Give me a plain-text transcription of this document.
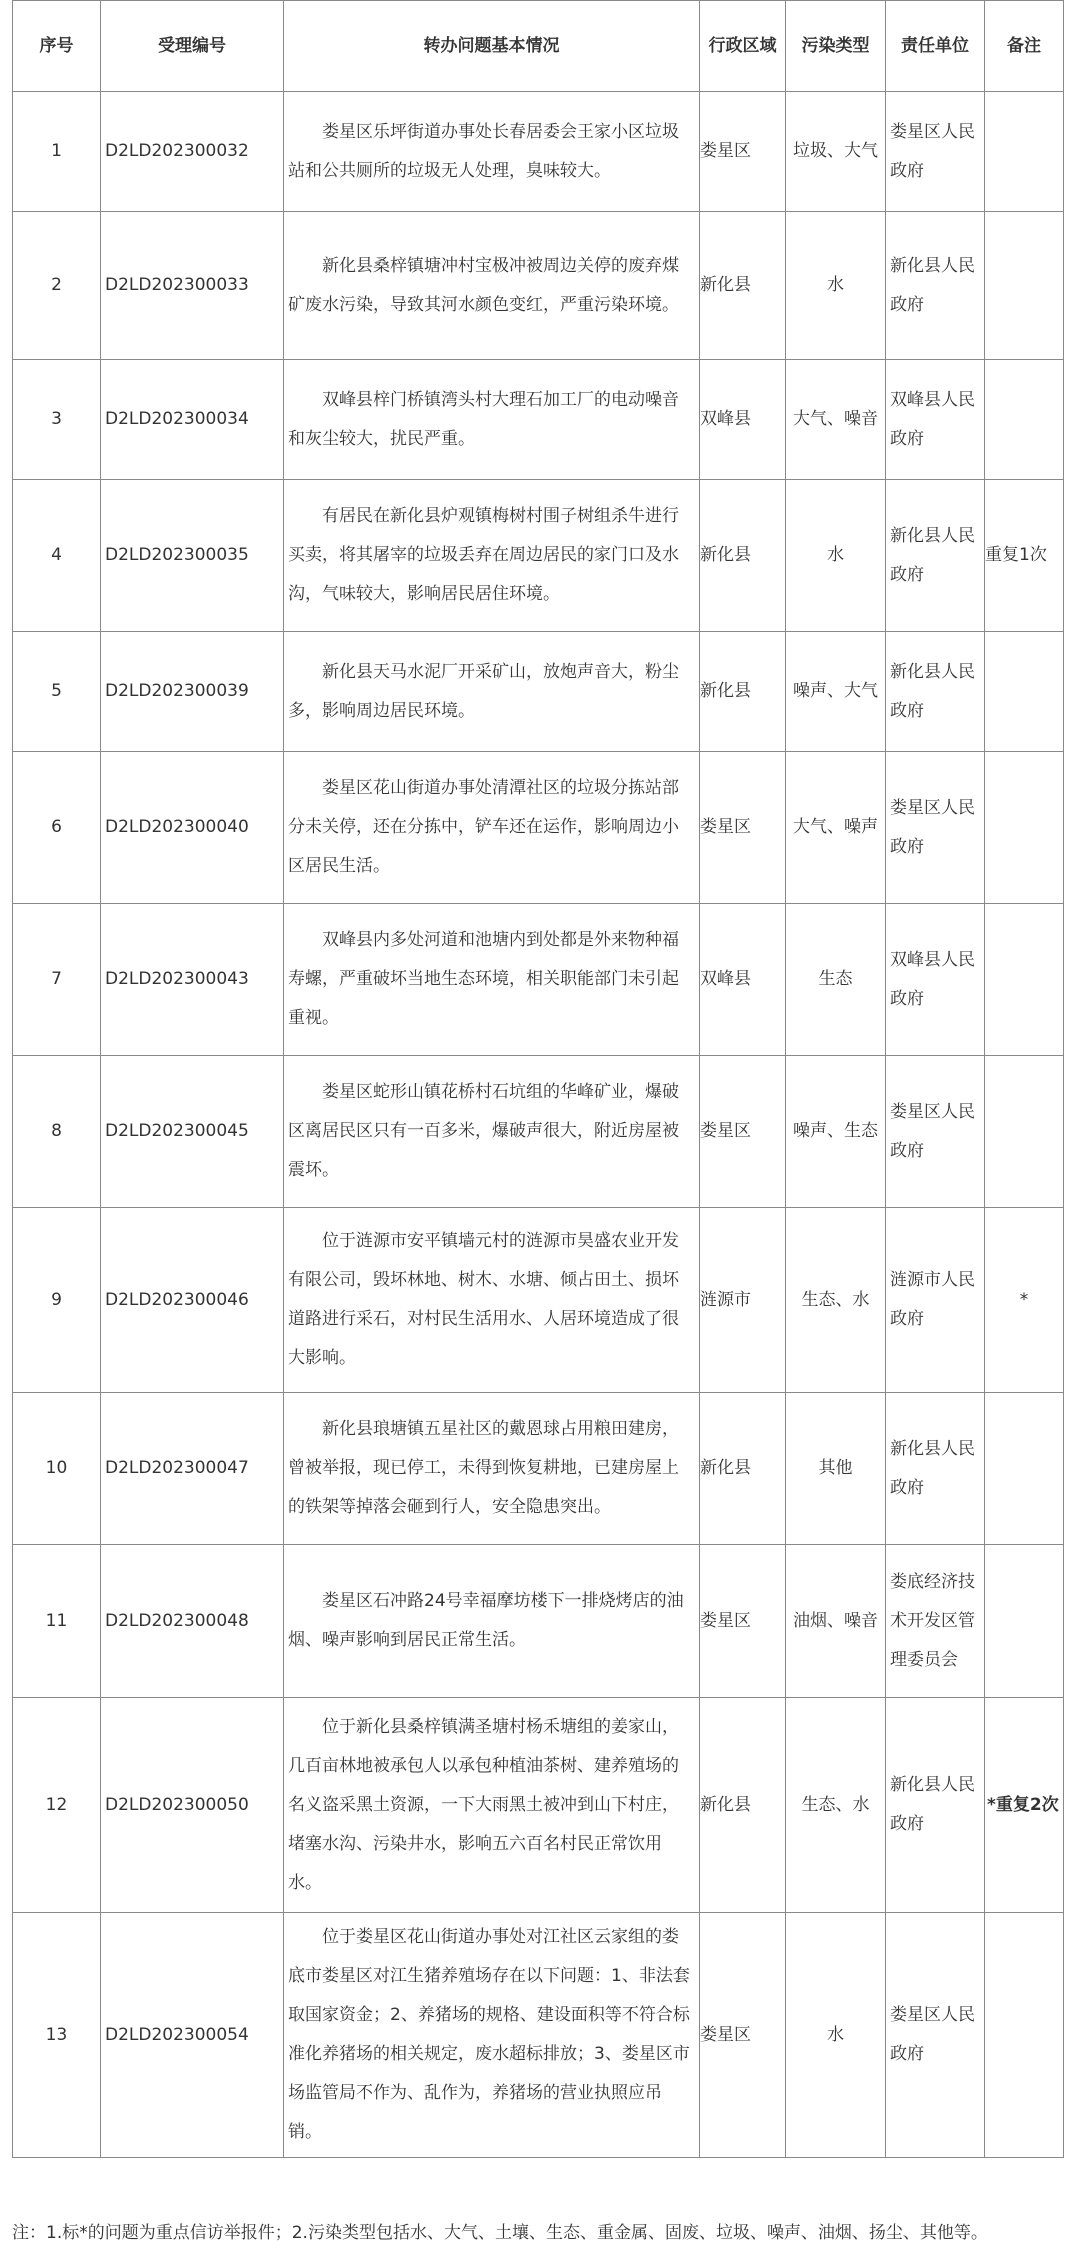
序号	受理编号	转办问题基本情况	行政区域	污染类型	责任单位	备注
1	D2LD202300032	娄星区乐坪街道办事处长春居委会王家小区垃圾站和公共厕所的垃圾无人处理，臭味较大。	娄星区	垃圾、大气	娄星区人民政府	
2	D2LD202300033	新化县桑梓镇塘冲村宝极冲被周边关停的废弃煤矿废水污染，导致其河水颜色变红，严重污染环境。	新化县	水	新化县人民政府	
3	D2LD202300034	双峰县梓门桥镇湾头村大理石加工厂的电动噪音和灰尘较大，扰民严重。	双峰县	大气、噪音	双峰县人民政府	
4	D2LD202300035	有居民在新化县炉观镇梅树村围子树组杀牛进行买卖，将其屠宰的垃圾丢弃在周边居民的家门口及水沟，气味较大，影响居民居住环境。	新化县	水	新化县人民政府	重复1次
5	D2LD202300039	新化县天马水泥厂开采矿山，放炮声音大，粉尘多，影响周边居民环境。	新化县	噪声、大气	新化县人民政府	
6	D2LD202300040	娄星区花山街道办事处清潭社区的垃圾分拣站部分未关停，还在分拣中，铲车还在运作，影响周边小区居民生活。	娄星区	大气、噪声	娄星区人民政府	
7	D2LD202300043	双峰县内多处河道和池塘内到处都是外来物种福寿螺，严重破坏当地生态环境，相关职能部门未引起重视。	双峰县	生态	双峰县人民政府	
8	D2LD202300045	娄星区蛇形山镇花桥村石坑组的华峰矿业，爆破区离居民区只有一百多米，爆破声很大，附近房屋被震坏。	娄星区	噪声、生态	娄星区人民政府	
9	D2LD202300046	位于涟源市安平镇墙元村的涟源市昊盛农业开发有限公司，毁坏林地、树木、水塘、倾占田土、损坏道路进行采石，对村民生活用水、人居环境造成了很大影响。	涟源市	生态、水	涟源市人民政府	*
10	D2LD202300047	新化县琅塘镇五星社区的戴恩球占用粮田建房，曾被举报，现已停工，未得到恢复耕地，已建房屋上的铁架等掉落会砸到行人，安全隐患突出。	新化县	其他	新化县人民政府	
11	D2LD202300048	娄星区石冲路24号幸福摩坊楼下一排烧烤店的油烟、噪声影响到居民正常生活。	娄星区	油烟、噪音	娄底经济技术开发区管理委员会	
12	D2LD202300050	位于新化县桑梓镇满圣塘村杨禾塘组的姜家山，几百亩林地被承包人以承包种植油茶树、建养殖场的名义盗采黑土资源，一下大雨黑土被冲到山下村庄，堵塞水沟、污染井水，影响五六百名村民正常饮用水。	新化县	生态、水	新化县人民政府	*重复2次
13	D2LD202300054	位于娄星区花山街道办事处对江社区云家组的娄底市娄星区对江生猪养殖场存在以下问题：1、非法套取国家资金；2、养猪场的规格、建设面积等不符合标准化养猪场的相关规定，废水超标排放；3、娄星区市场监管局不作为、乱作为，养猪场的营业执照应吊销。	娄星区	水	娄星区人民政府	
注：1.标*的问题为重点信访举报件；2.污染类型包括水、大气、土壤、生态、重金属、固废、垃圾、噪声、油烟、扬尘、其他等。
